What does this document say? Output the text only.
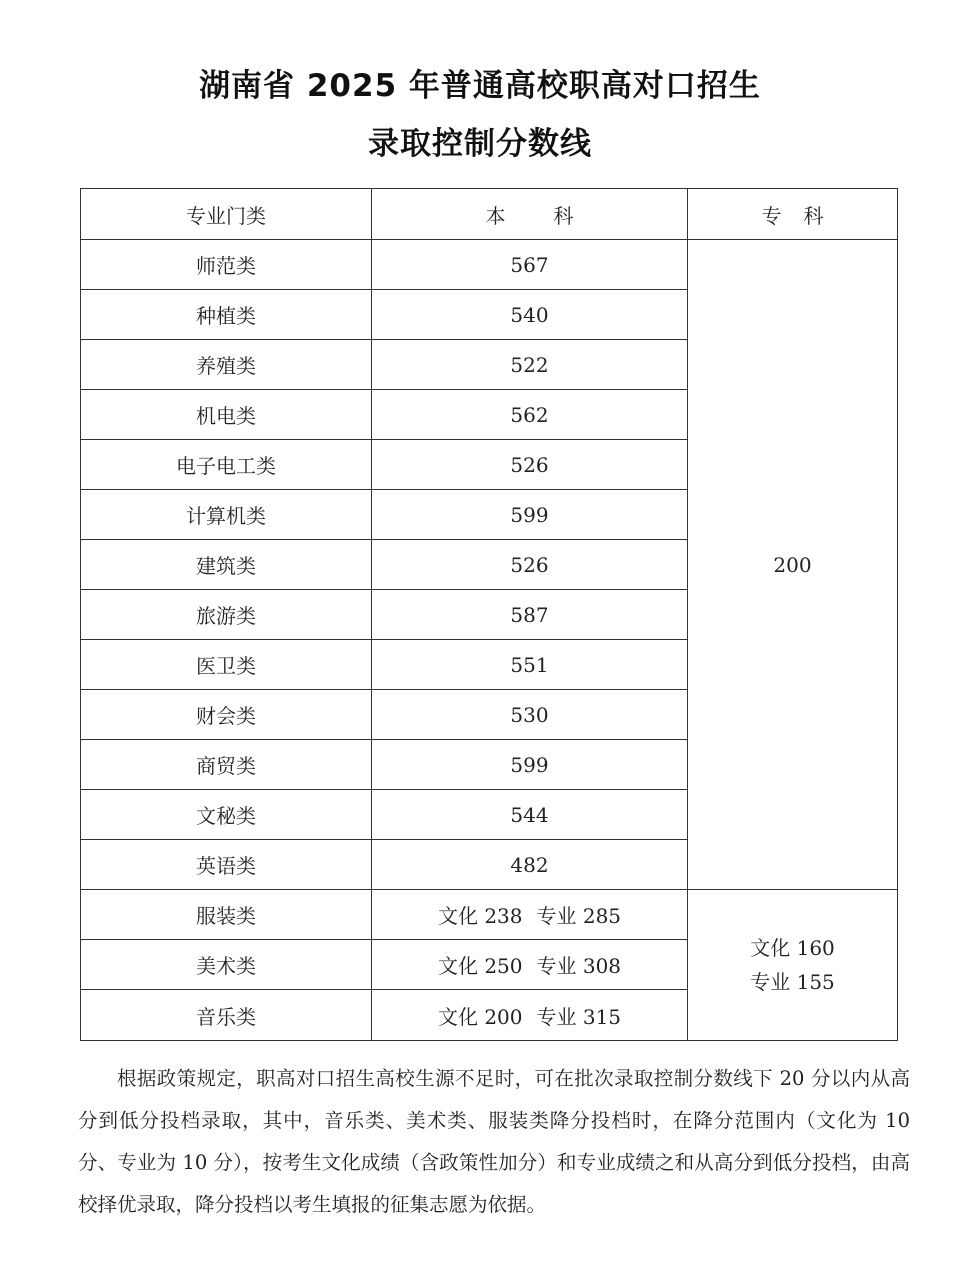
湖南省 2025 年普通高校职高对口招生
录取控制分数线
专业门类	本 科	专 科
师范类	567	200
种植类	540	
养殖类	522	
机电类	562	
电子电工类	526	
计算机类	599	
建筑类	526	
旅游类	587	
医卫类	551	
财会类	530	
商贸类	599	
文秘类	544	
英语类	482	
服装类	文化 238 专业 285	文化 160
专业 155

美术类	文化 250 专业 308	
音乐类	文化 200 专业 315	

根据政策规定，职高对口招生高校生源不足时，可在批次录取控制分数线下 20 分以内从高分到低分投档录取，其中，音乐类、美术类、服装类降分投档时，在降分范围内（文化为 10 分、专业为 10 分），按考生文化成绩（含政策性加分）和专业成绩之和从高分到低分投档，由高校择优录取，降分投档以考生填报的征集志愿为依据。
